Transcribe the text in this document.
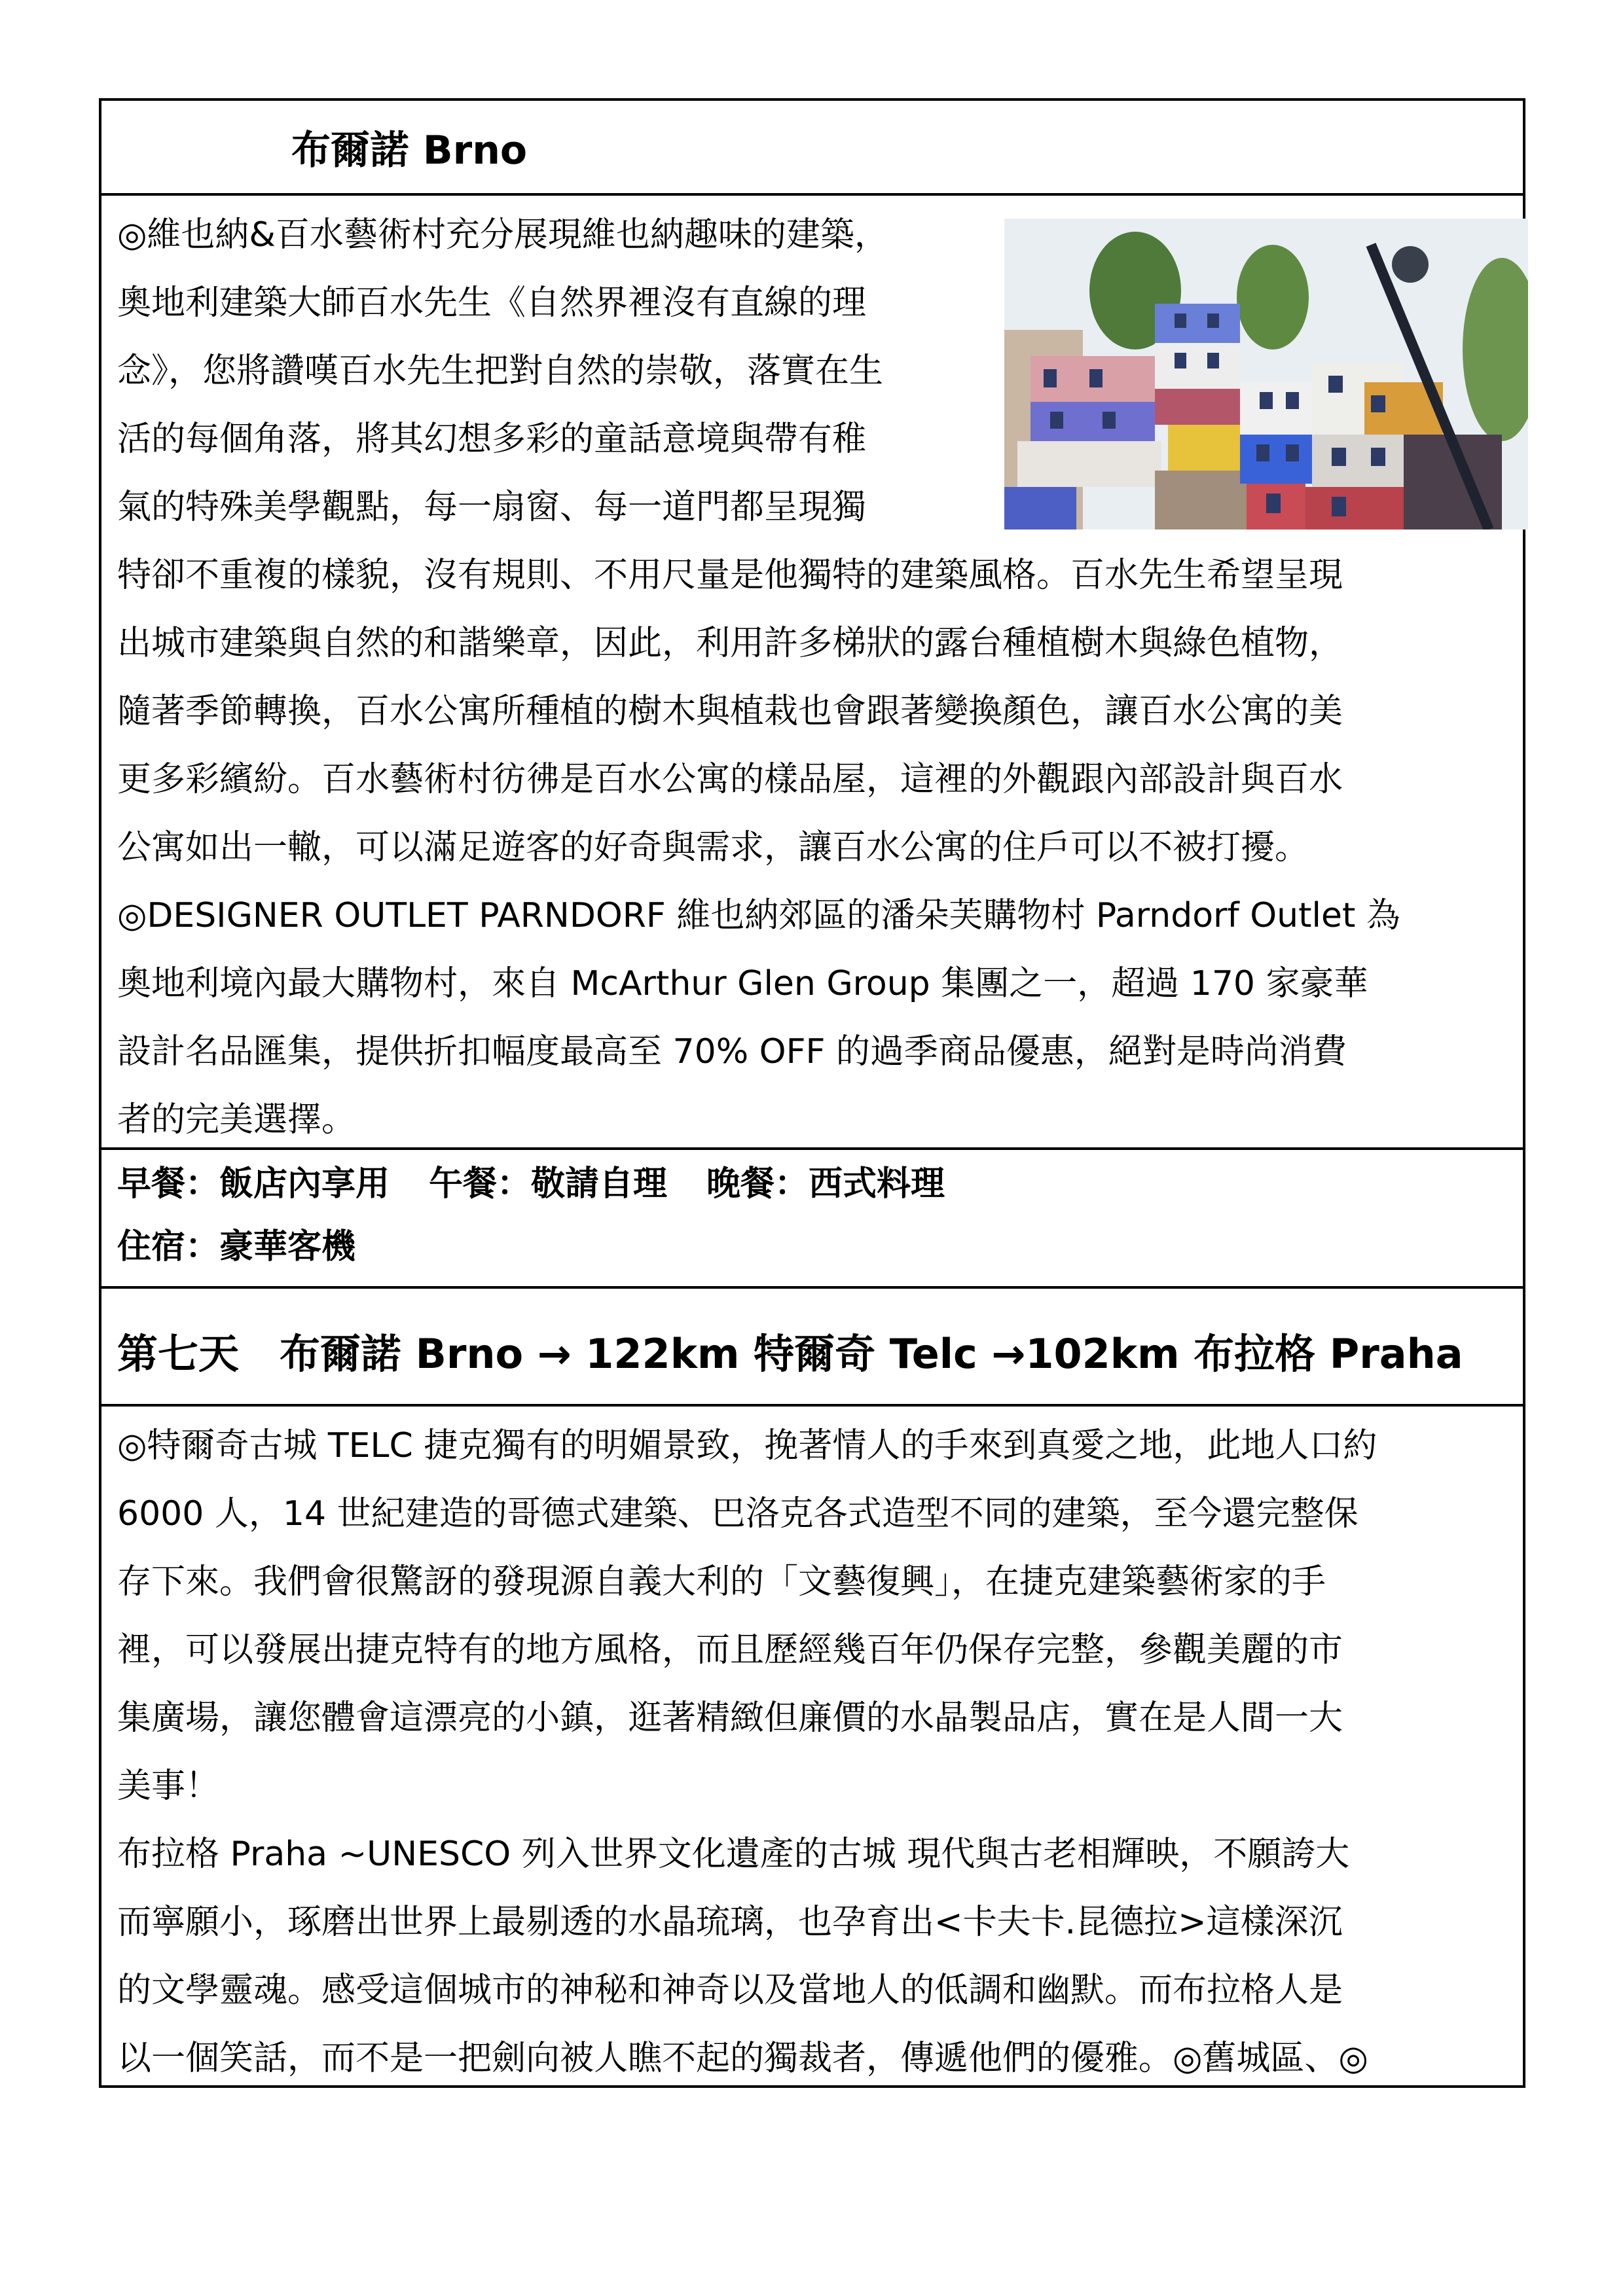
布爾諾 Brno
◎維也納&百水藝術村充分展現維也納趣味的建築，
奧地利建築大師百水先生《自然界裡沒有直線的理
念》，您將讚嘆百水先生把對自然的崇敬，落實在生
活的每個角落，將其幻想多彩的童話意境與帶有稚
氣的特殊美學觀點，每一扇窗、每一道門都呈現獨
特卻不重複的樣貌，沒有規則、不用尺量是他獨特的建築風格。百水先生希望呈現
出城市建築與自然的和諧樂章，因此，利用許多梯狀的露台種植樹木與綠色植物，
隨著季節轉換，百水公寓所種植的樹木與植栽也會跟著變換顏色，讓百水公寓的美
更多彩繽紛。百水藝術村彷彿是百水公寓的樣品屋，這裡的外觀跟內部設計與百水
公寓如出一轍，可以滿足遊客的好奇與需求，讓百水公寓的住戶可以不被打擾。
◎DESIGNER OUTLET PARNDORF 維也納郊區的潘朵芙購物村 Parndorf Outlet 為
奧地利境內最大購物村，來自 McArthur Glen Group 集團之一，超過 170 家豪華
設計名品匯集，提供折扣幅度最高至 70% OFF 的過季商品優惠，絕對是時尚消費
者的完美選擇。
早餐：飯店內享用 午餐：敬請自理 晚餐：西式料理
住宿：豪華客機
第七天　布爾諾 Brno → 122km 特爾奇 Telc →102km 布拉格 Praha
◎特爾奇古城 TELC 捷克獨有的明媚景致，挽著情人的手來到真愛之地，此地人口約
6000 人，14 世紀建造的哥德式建築、巴洛克各式造型不同的建築，至今還完整保
存下來。我們會很驚訝的發現源自義大利的「文藝復興」，在捷克建築藝術家的手
裡，可以發展出捷克特有的地方風格，而且歷經幾百年仍保存完整，參觀美麗的市
集廣場，讓您體會這漂亮的小鎮，逛著精緻但廉價的水晶製品店，實在是人間一大
美事！
布拉格 Praha ~UNESCO 列入世界文化遺產的古城 現代與古老相輝映，不願誇大
而寧願小，琢磨出世界上最剔透的水晶琉璃，也孕育出<卡夫卡.昆德拉>這樣深沉
的文學靈魂。感受這個城市的神秘和神奇以及當地人的低調和幽默。而布拉格人是
以一個笑話，而不是一把劍向被人瞧不起的獨裁者，傳遞他們的優雅。◎舊城區、◎
